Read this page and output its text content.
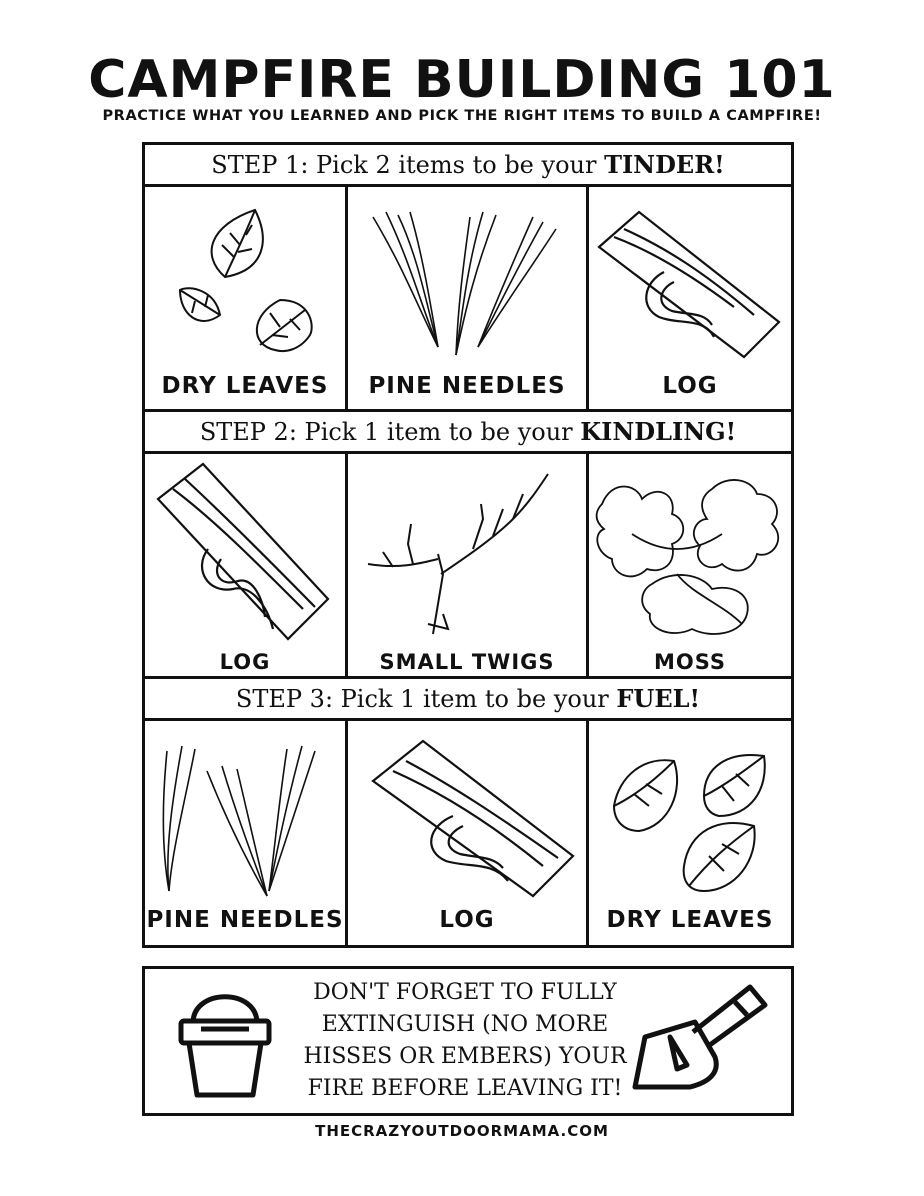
CAMPFIRE BUILDING 101
PRACTICE WHAT YOU LEARNED AND PICK THE RIGHT ITEMS TO BUILD A CAMPFIRE!
STEP 1: Pick 2 items to be your TINDER!
DRY LEAVES	PINE NEEDLES	LOG
STEP 2: Pick 1 item to be your KINDLING!
LOG	SMALL TWIGS	MOSS
STEP 3: Pick 1 item to be your FUEL!
PINE NEEDLES	LOG	DRY LEAVES
DON'T FORGET TO FULLY
EXTINGUISH (NO MORE
HISSES OR EMBERS) YOUR
FIRE BEFORE LEAVING IT!
THECRAZYOUTDOORMAMA.COM
